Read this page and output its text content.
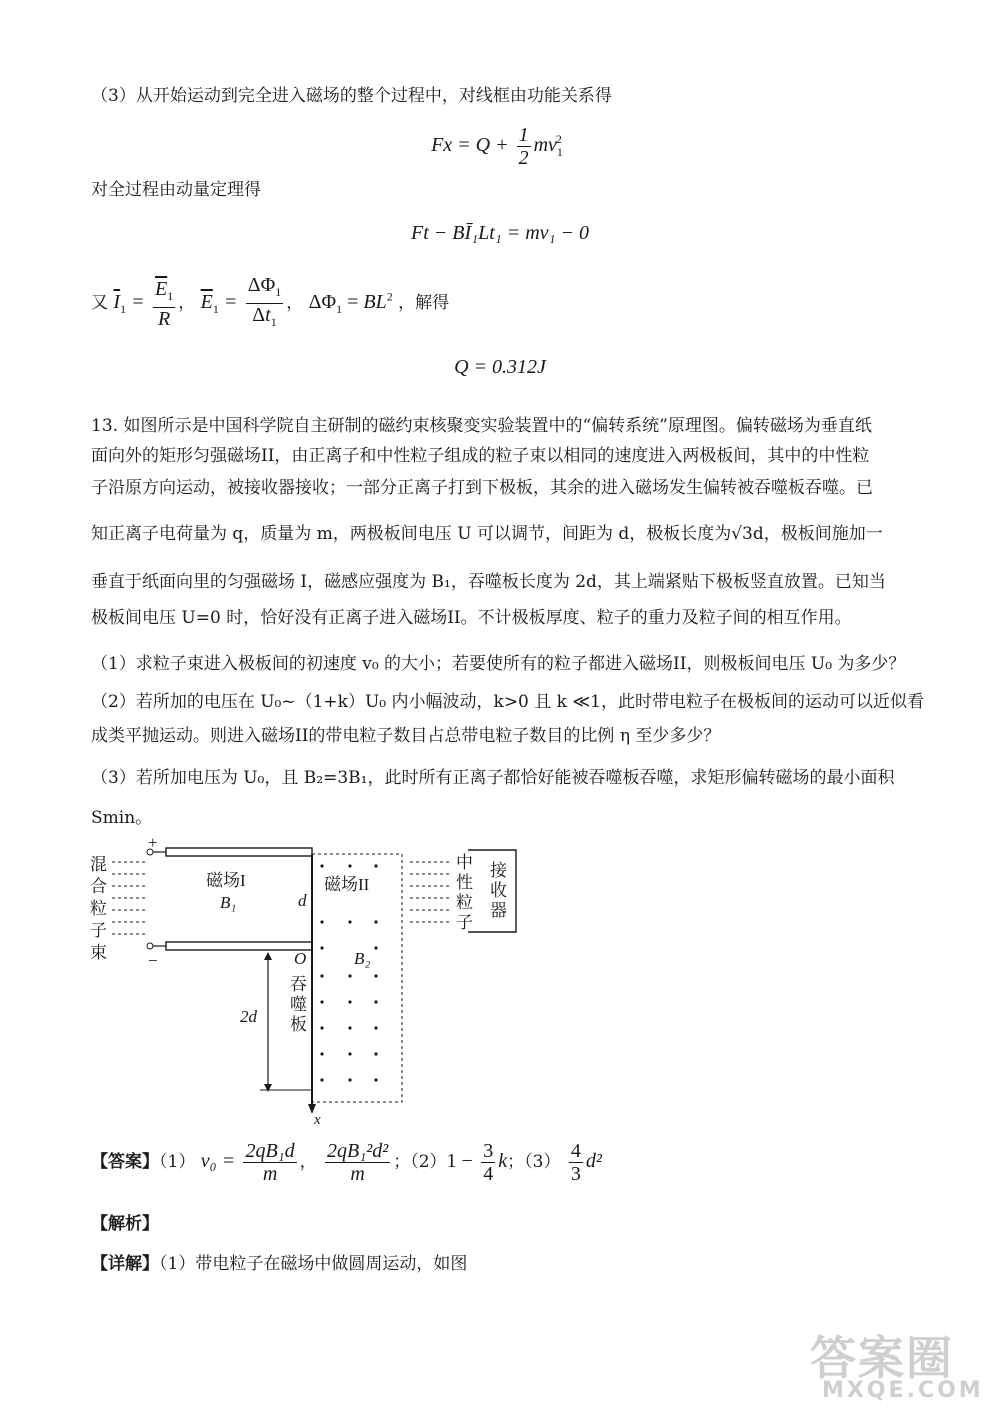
（3）从开始运动到完全进入磁场的整个过程中，对线框由功能关系得
$Fx = Q + \frac{1}{2} mv_1^2$
对全过程由动量定理得
Ft − BĪ₁Lt₁ = mv₁ − 0
又 $\overline{I}_1 = \frac{\overline{E}_1}{R}$ ， $\overline{E}_1 = \frac{\Delta\Phi_1}{\Delta t_1}$ ， $\Delta\Phi_1 = BL^2$ ，解得
Q = 0.312J
13. 如图所示是中国科学院自主研制的磁约束核聚变实验装置中的“偏转系统”原理图。偏转磁场为垂直纸
面向外的矩形匀强磁场II，由正离子和中性粒子组成的粒子束以相同的速度进入两极板间，其中的中性粒
子沿原方向运动，被接收器接收；一部分正离子打到下极板，其余的进入磁场发生偏转被吞噬板吞噬。已
知正离子电荷量为 q，质量为 m，两极板间电压 U 可以调节，间距为 d，极板长度为√3d，极板间施加一
垂直于纸面向里的匀强磁场 I，磁感应强度为 B₁，吞噬板长度为 2d，其上端紧贴下极板竖直放置。已知当
极板间电压 U=0 时，恰好没有正离子进入磁场II。不计极板厚度、粒子的重力及粒子间的相互作用。
（1）求粒子束进入极板间的初速度 v₀ 的大小；若要使所有的粒子都进入磁场II，则极板间电压 U₀ 为多少？
（2）若所加的电压在 U₀~（1+k）U₀ 内小幅波动，k>0 且 k ≪1，此时带电粒子在极板间的运动可以近似看
成类平抛运动。则进入磁场II的带电粒子数目占总带电粒子数目的比例 η 至少多少？
（3）若所加电压为 U₀，且 B₂=3B₁，此时所有正离子都恰好能被吞噬板吞噬，求矩形偏转磁场的最小面积
Smin。
+
−
混
合
粒
子
束
磁场I
B₁	d
磁场II
B₂
x
O
吞
噬
板
2d
中
性
粒
子
接
收
器
【答案】（1） $v_0 = \frac{\text{2qB₁d}}{m}$ ， $\frac{\text{2qB₁²d²}}{m}$ ；$(2)1 - \frac{3}{4}$ k；$(3) \frac{4}{3} d^2$
【解析】
【详解】（1）带电粒子在磁场中做圆周运动，如图
答案圈
MXQE.COM
